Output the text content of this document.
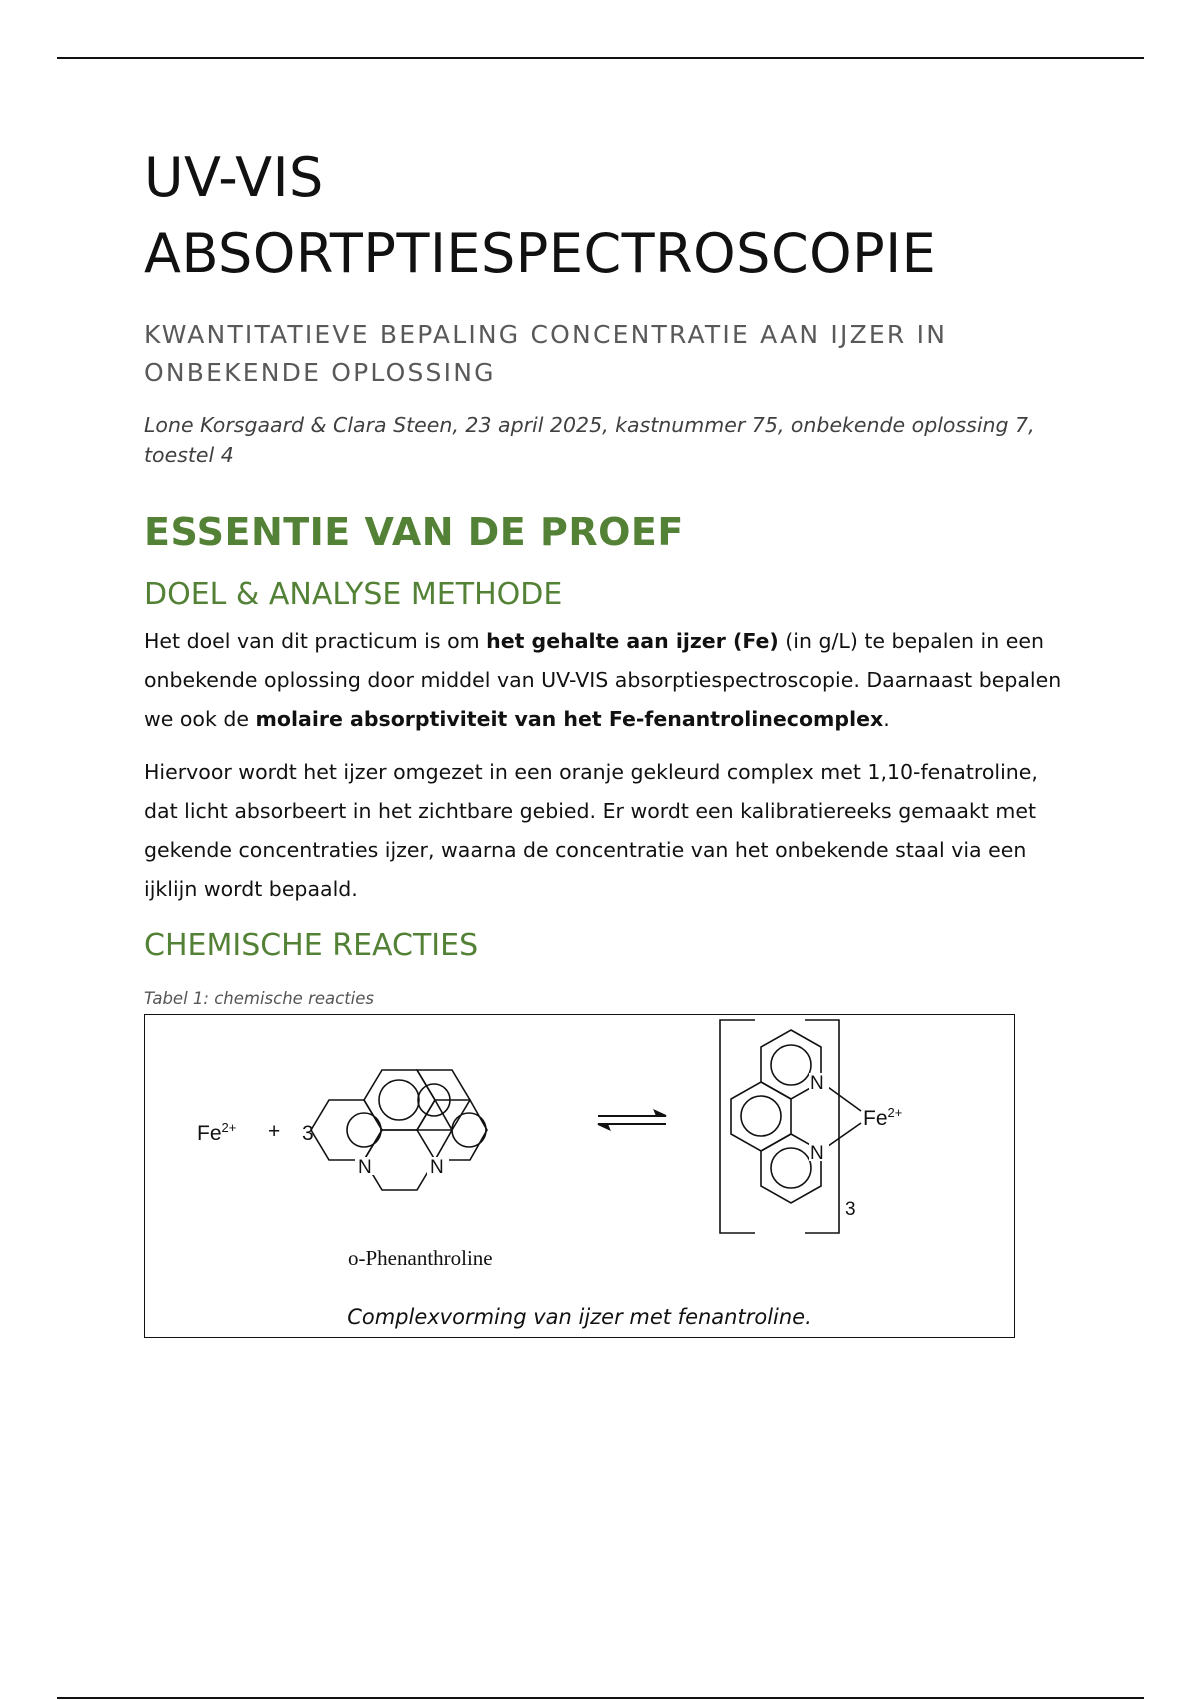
UV-VIS
ABSORTPTIESPECTROSCOPIE
KWANTITATIEVE BEPALING CONCENTRATIE AAN IJZER IN ONBEKENDE OPLOSSING
Lone Korsgaard & Clara Steen, 23 april 2025, kastnummer 75, onbekende oplossing 7, toestel 4
ESSENTIE VAN DE PROEF
DOEL & ANALYSE METHODE

Het doel van dit practicum is om het gehalte aan ijzer (Fe) (in g/L) te bepalen in een onbekende oplossing door middel van UV-VIS absorptiespectroscopie. Daarnaast bepalen we ook de molaire absorptiviteit van het Fe-fenantrolinecomplex.

Hiervoor wordt het ijzer omgezet in een oranje gekleurd complex met 1,10-fenatroline, dat licht absorbeert in het zichtbare gebied. Er wordt een kalibratiereeks gemaakt met gekende concentraties ijzer, waarna de concentratie van het onbekende staal via een ijklijn wordt bepaald.

CHEMISCHE REACTIES
Tabel 1: chemische reacties
$Fe^{2+} + 3$
N	N
o-Phenanthroline
N
N
$Fe^{2+}$
3
Complexvorming van ijzer met fenantroline.
